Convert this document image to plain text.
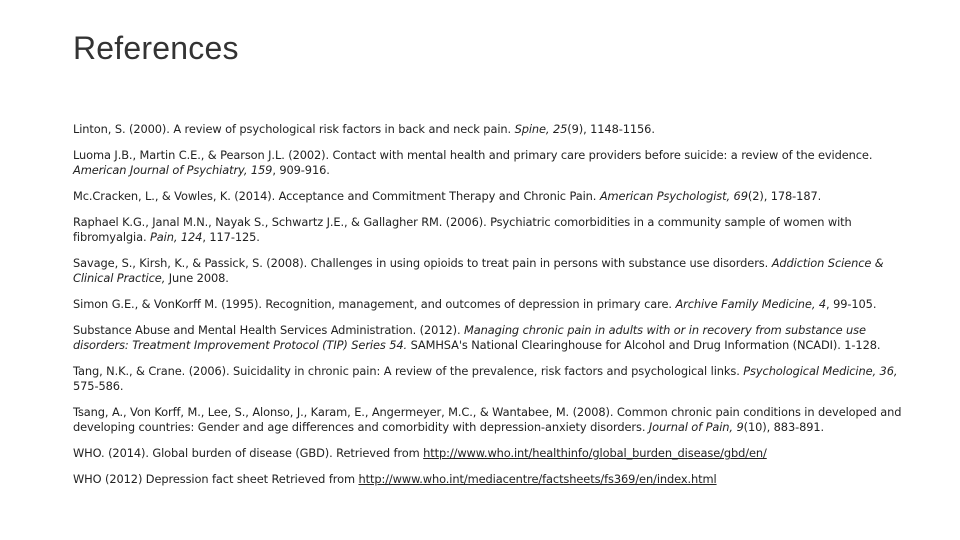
References

Linton, S. (2000). A review of psychological risk factors in back and neck pain. Spine, 25(9), 1148-1156.

Luoma J.B., Martin C.E., & Pearson J.L. (2002). Contact with mental health and primary care providers before suicide: a review of the evidence. American Journal of Psychiatry, 159, 909-916.

Mc.Cracken, L., & Vowles, K. (2014). Acceptance and Commitment Therapy and Chronic Pain. American Psychologist, 69(2), 178-187.

Raphael K.G., Janal M.N., Nayak S., Schwartz J.E., & Gallagher RM. (2006). Psychiatric comorbidities in a community sample of women with fibromyalgia. Pain, 124, 117-125.

Savage, S., Kirsh, K., & Passick, S. (2008). Challenges in using opioids to treat pain in persons with substance use disorders. Addiction Science & Clinical Practice, June 2008.

Simon G.E., & VonKorff M. (1995). Recognition, management, and outcomes of depression in primary care. Archive Family Medicine, 4, 99-105.

Substance Abuse and Mental Health Services Administration. (2012). Managing chronic pain in adults with or in recovery from substance use disorders: Treatment Improvement Protocol (TIP) Series 54. SAMHSA's National Clearinghouse for Alcohol and Drug Information (NCADI). 1-128.

Tang, N.K., & Crane. (2006). Suicidality in chronic pain: A review of the prevalence, risk factors and psychological links. Psychological Medicine, 36, 575-586.

Tsang, A., Von Korff, M., Lee, S., Alonso, J., Karam, E., Angermeyer, M.C., & Wantabee, M. (2008). Common chronic pain conditions in developed and developing countries: Gender and age differences and comorbidity with depression-anxiety disorders. Journal of Pain, 9(10), 883-891.

WHO. (2014). Global burden of disease (GBD). Retrieved from http://www.who.int/healthinfo/global_burden_disease/gbd/en/

WHO (2012) Depression fact sheet Retrieved from http://www.who.int/mediacentre/factsheets/fs369/en/index.html
